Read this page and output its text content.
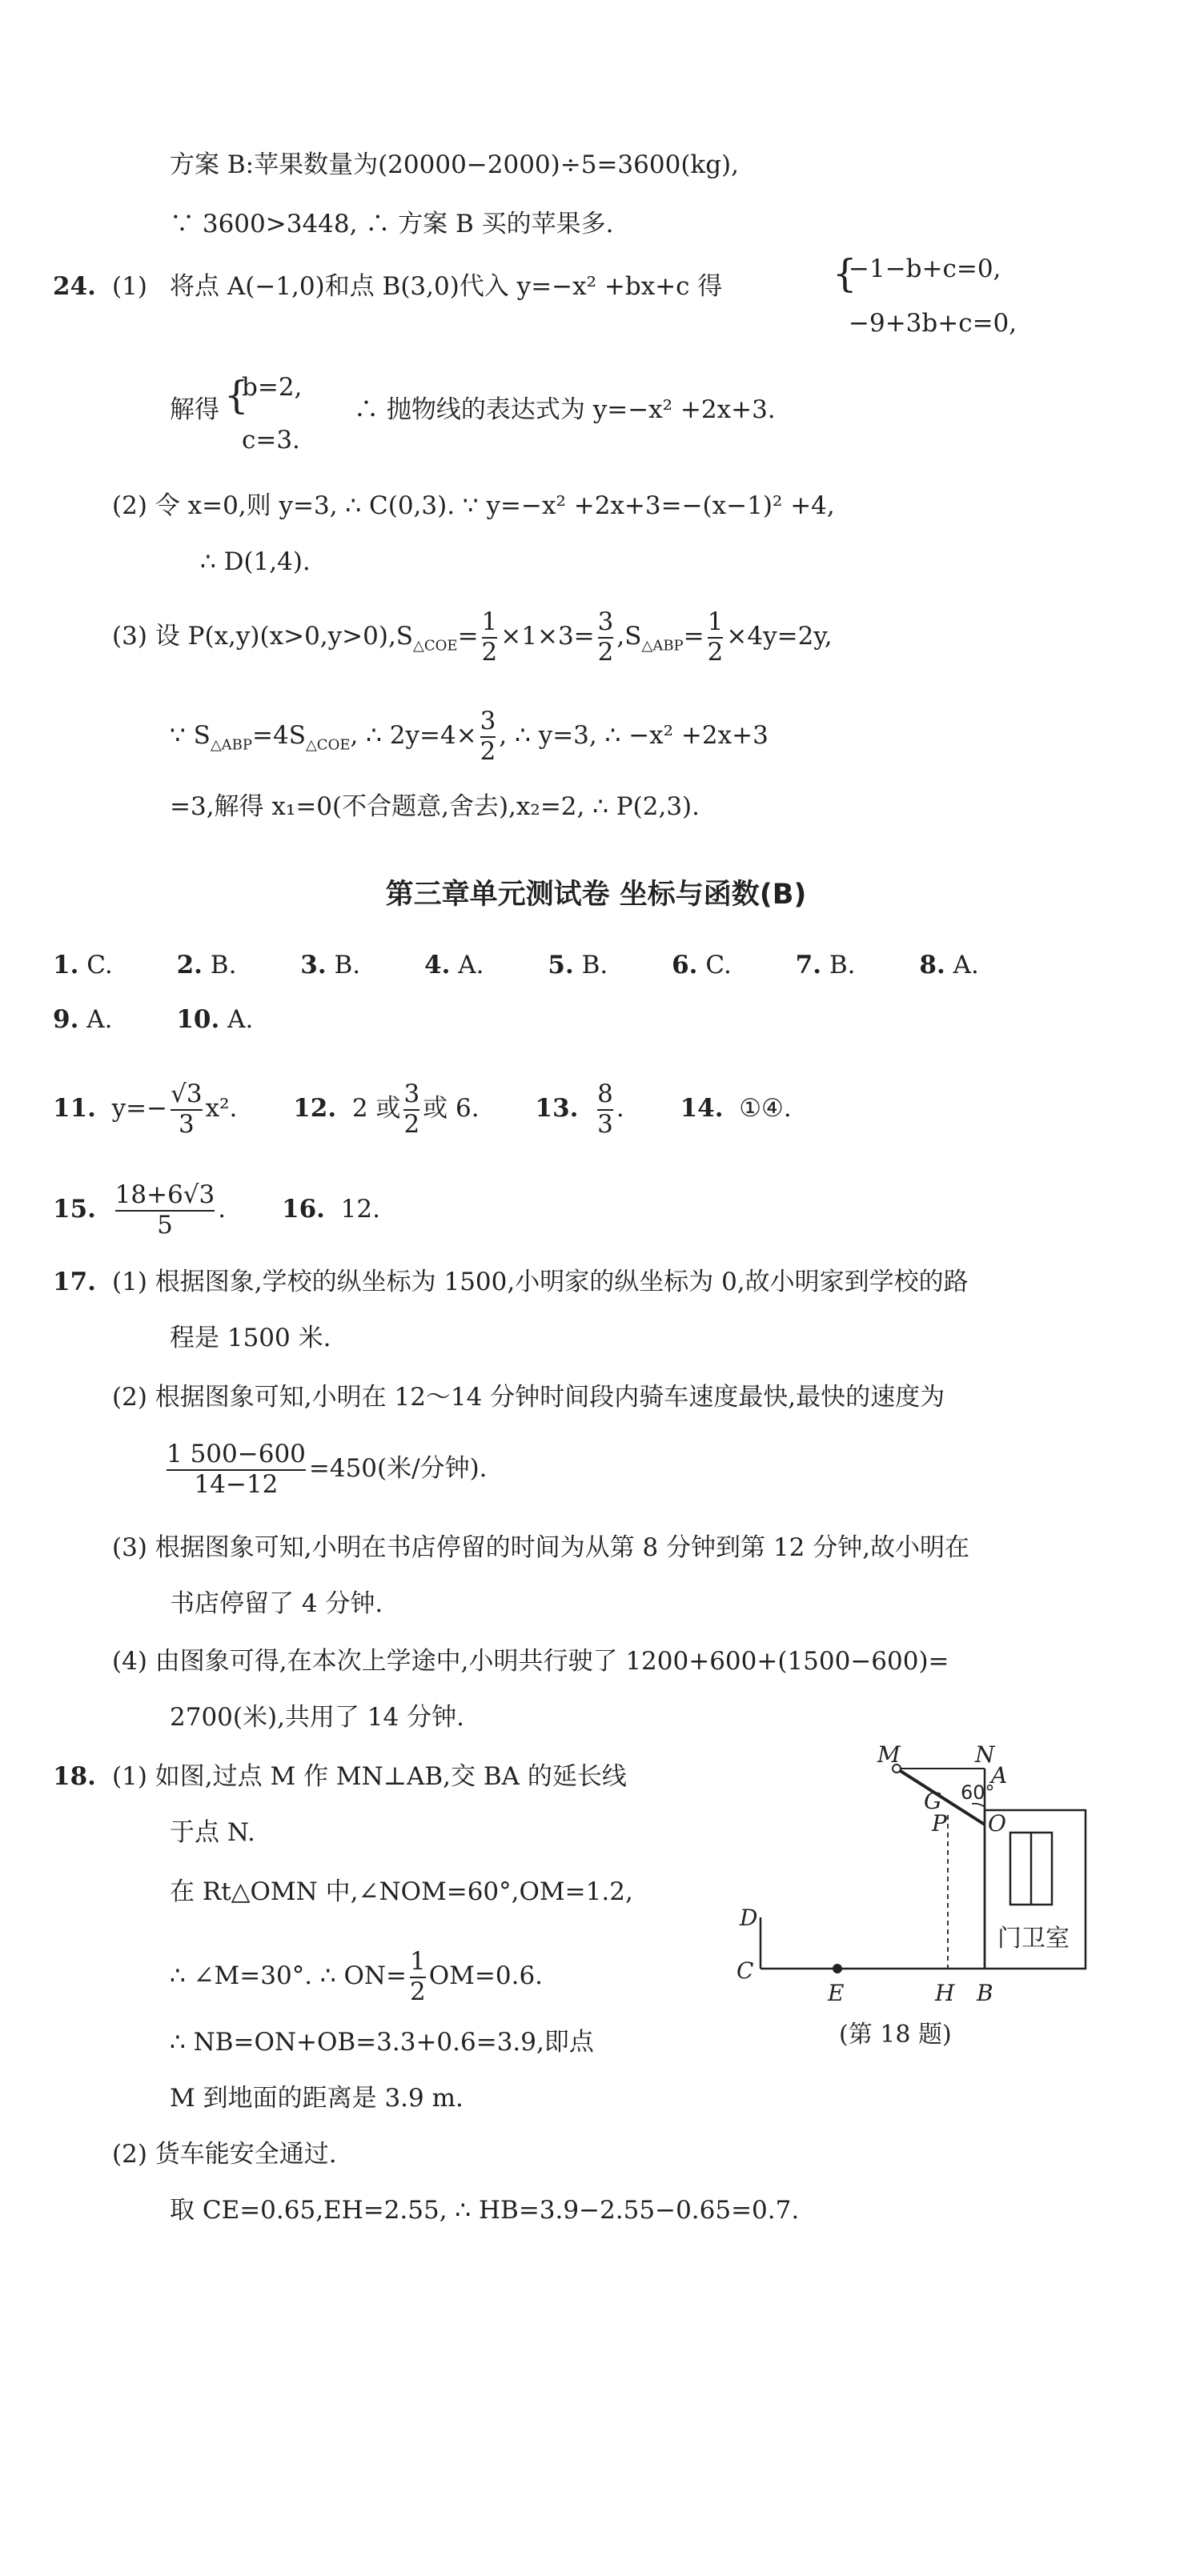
方案 B:苹果数量为(20000−2000)÷5=3600(kg),
∵ 3600>3448, ∴ 方案 B 买的苹果多.
24. (1) 将点 A(−1,0)和点 B(3,0)代入 y=−x² +bx+c 得	{
−1−b+c=0,
−9+3b+c=0,
解得 {
b=2,
c=3.
∴ 抛物线的表达式为 y=−x² +2x+3.
(2) 令 x=0,则 y=3, ∴ C(0,3). ∵ y=−x² +2x+3=−(x−1)² +4,
∴ D(1,4).
(3) 设 $P(x,y)(x>0,y>0),S_{\triangle COE}= \frac{1}{2} \times 1\times 3= \frac{3}{2} ,S_{\triangle ABP}= \frac{1}{2} \times 4y=2y$,
∵ $S_{\triangle ABP}=4S_{\triangle COE}$, ∴ $2y=4\times \frac{3}{2}$ , ∴ y=3, ∴ −x² +2x+3
=3,解得 x₁=0(不合题意,舍去),x₂=2, ∴ P(2,3).
第三章单元测试卷 坐标与函数(B)
1. C.	2. B.	3. B.	4. A.	5. B.	6. C.	7. B.	8. A.
9. A.	10. A.
11. $y=- \frac{√3}{3} x^2$. 12. 2 或 $\frac{3}{2}$ 或 6. 13. $\frac{8}{3}$ . 14. ①④.
15. $\frac{18+6√3}{5}$ . 16. 12.
17. (1) 根据图象,学校的纵坐标为 1500,小明家的纵坐标为 0,故小明家到学校的路
程是 1500 米.
(2) 根据图象可知,小明在 12～14 分钟时间段内骑车速度最快,最快的速度为
$\frac{1 500-600}{14-12} =450$(米/分钟).
(3) 根据图象可知,小明在书店停留的时间为从第 8 分钟到第 12 分钟,故小明在
书店停留了 4 分钟.
(4) 由图象可得,在本次上学途中,小明共行驶了 1200+600+(1500−600)=
2700(米),共用了 14 分钟.
18. (1) 如图,过点 M 作 MN⊥AB,交 BA 的延长线
于点 N.
在 Rt△OMN 中,∠NOM=60°,OM=1.2,
∴ ∠M=30°. ∴ $ON= \frac{1}{2} OM=0.6$.
∴ NB=ON+OB=3.3+0.6=3.9,即点
M 到地面的距离是 3.9 m.
(2) 货车能安全通过.
取 CE=0.65,EH=2.55, ∴ HB=3.9−2.55−0.65=0.7.
M	N
A
G
P O
D
C
E	H B
60°
门卫室
(第 18 题)
